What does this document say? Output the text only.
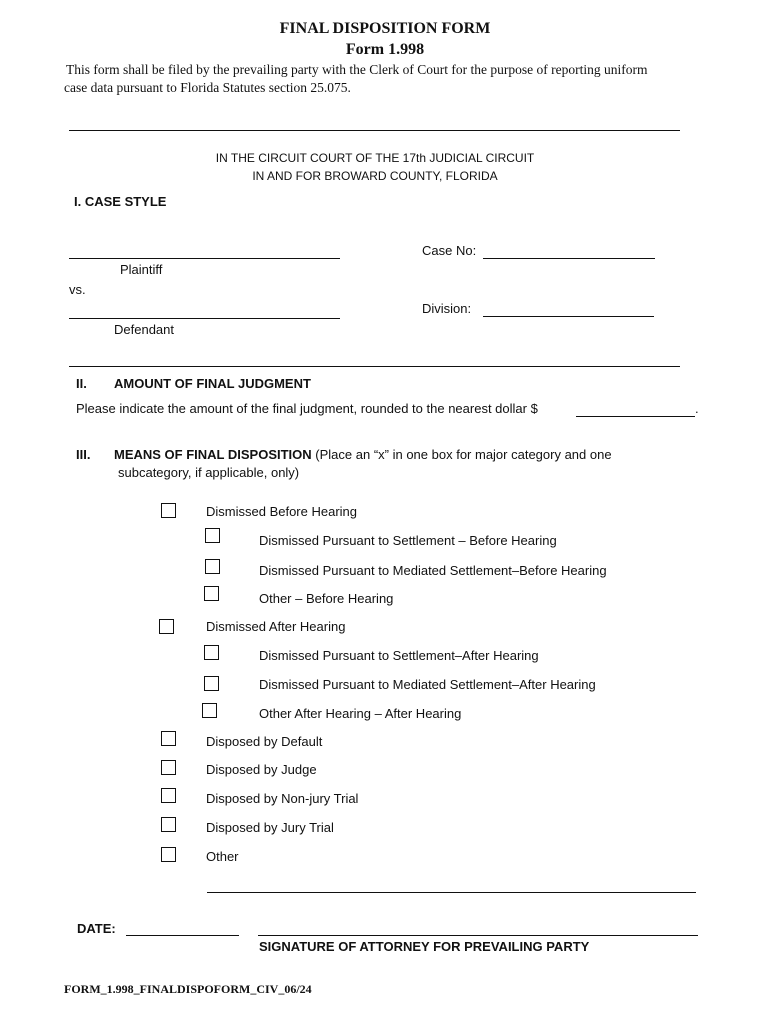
FINAL DISPOSITION FORM
Form 1.998
This form shall be filed by the prevailing party with the Clerk of Court for the purpose of reporting uniform
case data pursuant to Florida Statutes section 25.075.
IN THE CIRCUIT COURT OF THE 17th JUDICIAL CIRCUIT
IN AND FOR BROWARD COUNTY, FLORIDA
I. CASE STYLE
Plaintiff
vs.
Defendant
Case No:
Division:
II. AMOUNT OF FINAL JUDGMENT
Please indicate the amount of the final judgment, rounded to the nearest dollar $	.
III. MEANS OF FINAL DISPOSITION (Place an “x” in one box for major category and one
subcategory, if applicable, only)
Dismissed Before Hearing
Dismissed Pursuant to Settlement – Before Hearing
Dismissed Pursuant to Mediated Settlement–Before Hearing
Other – Before Hearing
Dismissed After Hearing
Dismissed Pursuant to Settlement–After Hearing
Dismissed Pursuant to Mediated Settlement–After Hearing
Other After Hearing – After Hearing
Disposed by Default
Disposed by Judge
Disposed by Non-jury Trial
Disposed by Jury Trial
Other
DATE:
SIGNATURE OF ATTORNEY FOR PREVAILING PARTY
FORM_1.998_FINALDISPOFORM_CIV_06/24
